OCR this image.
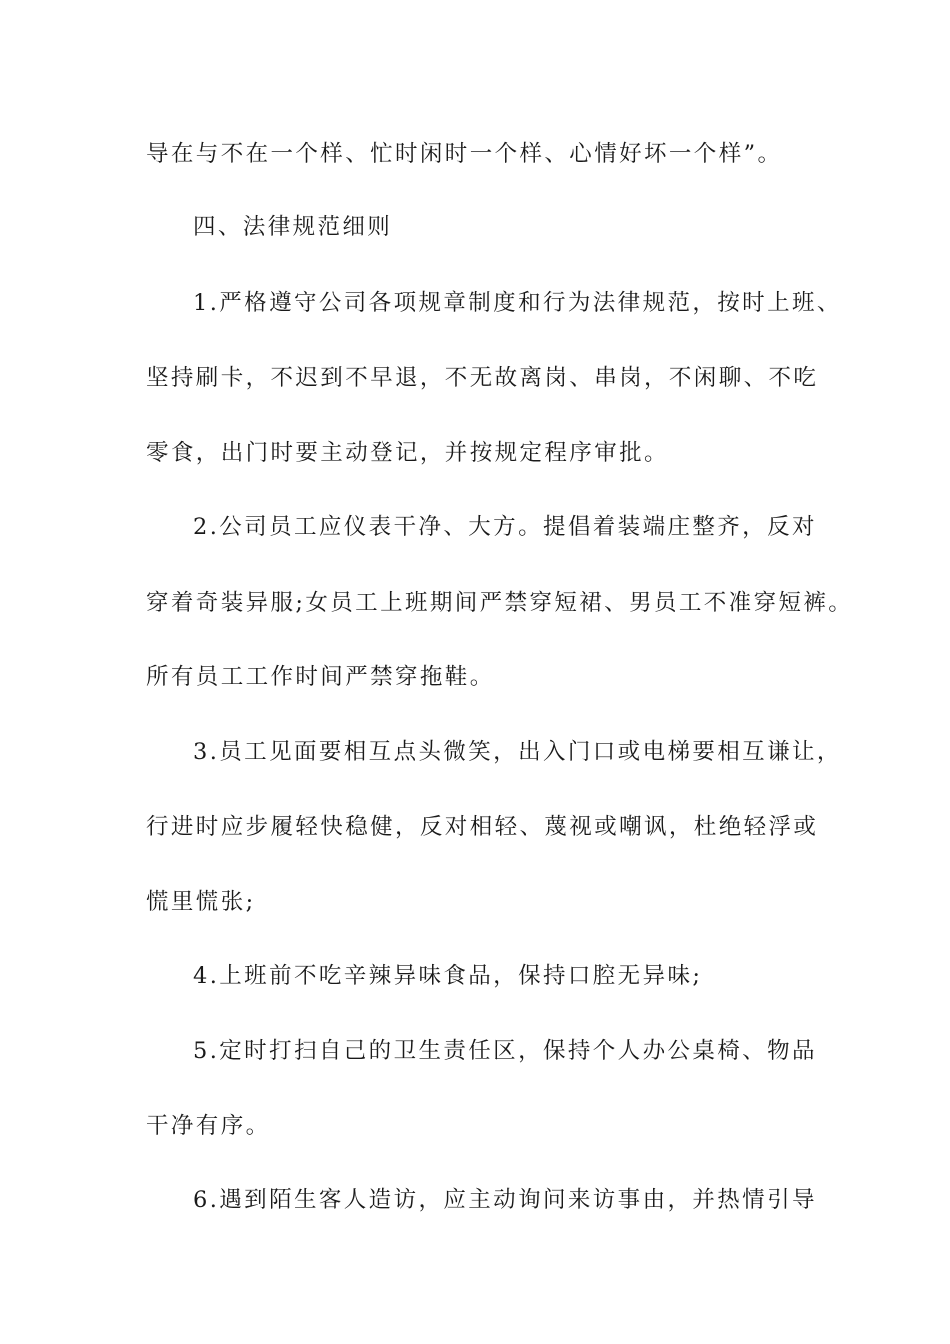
导在与不在一个样、忙时闲时一个样、心情好坏一个样”。
四、法律规范细则
1.严格遵守公司各项规章制度和行为法律规范，按时上班、
坚持刷卡，不迟到不早退，不无故离岗、串岗，不闲聊、不吃
零食，出门时要主动登记，并按规定程序审批。
2.公司员工应仪表干净、大方。提倡着装端庄整齐，反对
穿着奇装异服;女员工上班期间严禁穿短裙、男员工不准穿短裤。
所有员工工作时间严禁穿拖鞋。
3.员工见面要相互点头微笑，出入门口或电梯要相互谦让，
行进时应步履轻快稳健，反对相轻、蔑视或嘲讽，杜绝轻浮或
慌里慌张;
4.上班前不吃辛辣异味食品，保持口腔无异味;
5.定时打扫自己的卫生责任区，保持个人办公桌椅、物品
干净有序。
6.遇到陌生客人造访，应主动询问来访事由，并热情引导
